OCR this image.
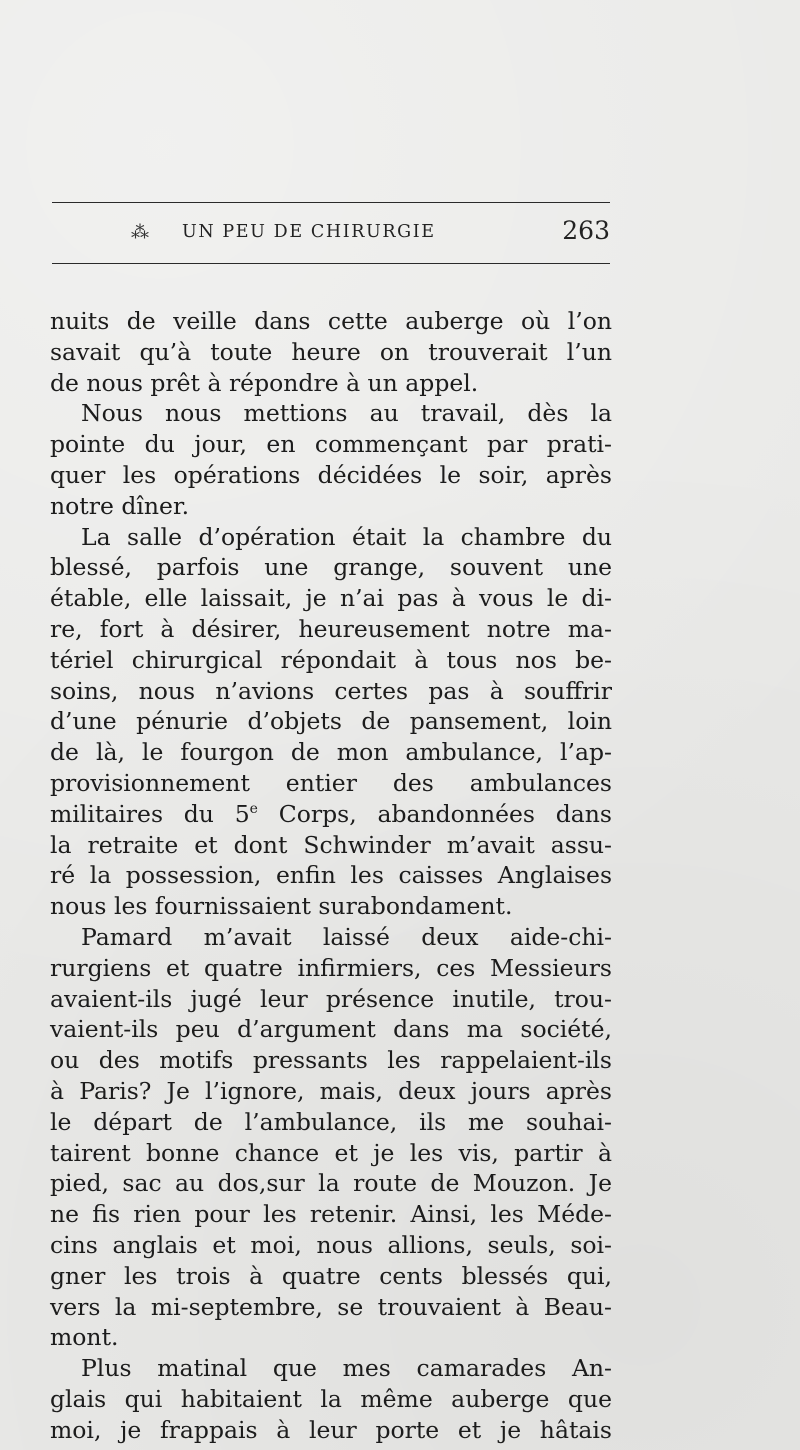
⁂ UN PEU DE CHIRURGIE	263
nuits de veille dans cette auberge où l’on
savait qu’à toute heure on trouverait l’un
de nous prêt à répondre à un appel.
Nous nous mettions au travail, dès la
pointe du jour, en commençant par prati-
quer les opérations décidées le soir, après
notre dîner.
La salle d’opération était la chambre du
blessé, parfois une grange, souvent une
étable, elle laissait, je n’ai pas à vous le di-
re, fort à désirer, heureusement notre ma-
tériel chirurgical répondait à tous nos be-
soins, nous n’avions certes pas à souffrir
d’une pénurie d’objets de pansement, loin
de là, le fourgon de mon ambulance, l’ap-
provisionnement entier des ambulances
militaires du 5e Corps, abandonnées dans
la retraite et dont Schwinder m’avait assu-
ré la possession, enfin les caisses Anglaises
nous les fournissaient surabondament.
Pamard m’avait laissé deux aide-chi-
rurgiens et quatre infirmiers, ces Messieurs
avaient-ils jugé leur présence inutile, trou-
vaient-ils peu d’argument dans ma société,
ou des motifs pressants les rappelaient-ils
à Paris? Je l’ignore, mais, deux jours après
le départ de l’ambulance, ils me souhai-
tairent bonne chance et je les vis, partir à
pied, sac au dos,sur la route de Mouzon. Je
ne fis rien pour les retenir. Ainsi, les Méde-
cins anglais et moi, nous allions, seuls, soi-
gner les trois à quatre cents blessés qui,
vers la mi-septembre, se trouvaient à Beau-
mont.
Plus matinal que mes camarades An-
glais qui habitaient la même auberge que
moi, je frappais à leur porte et je hâtais
